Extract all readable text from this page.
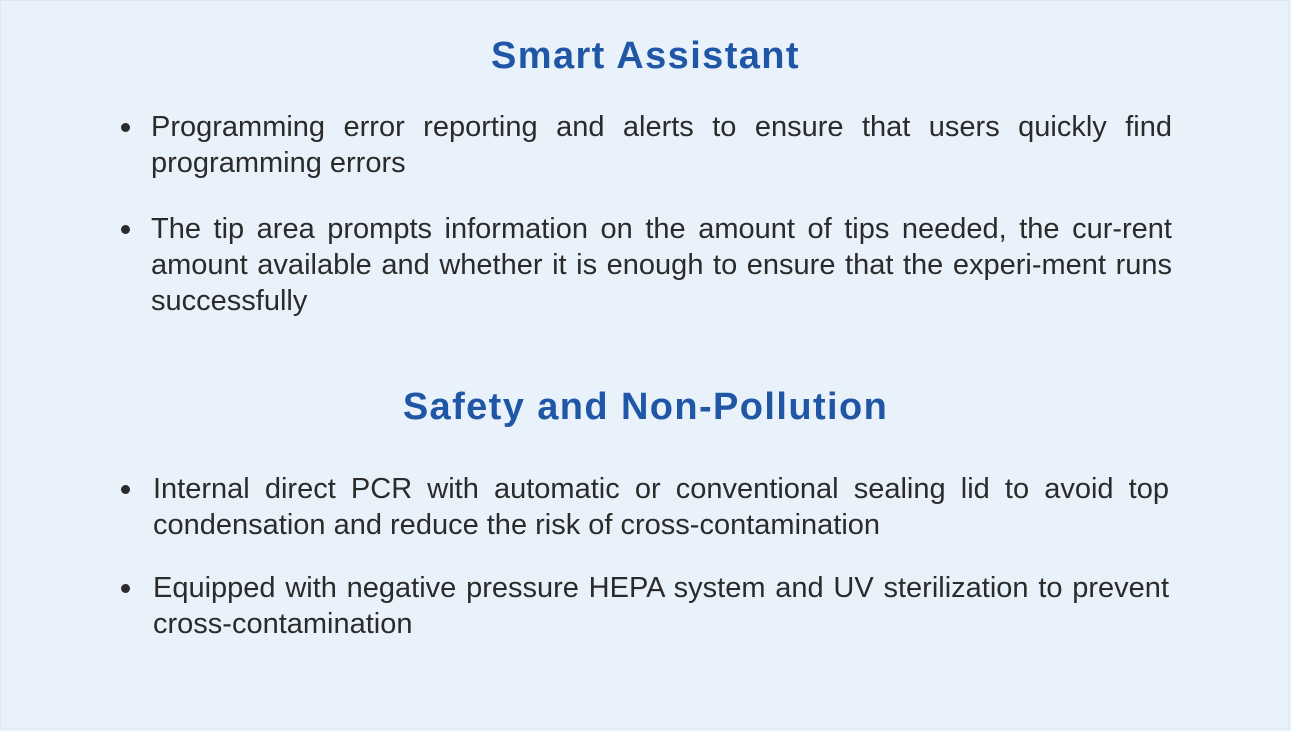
Smart Assistant
Programming error reporting and alerts to ensure that users quickly find programming errors
The tip area prompts information on the amount of tips needed, the cur-rent amount available and whether it is enough to ensure that the experi-ment runs successfully
Safety and Non-Pollution
Internal direct PCR with automatic or conventional sealing lid to avoid top condensation and reduce the risk of cross-contamination
Equipped with negative pressure HEPA system and UV sterilization to prevent cross-contamination
